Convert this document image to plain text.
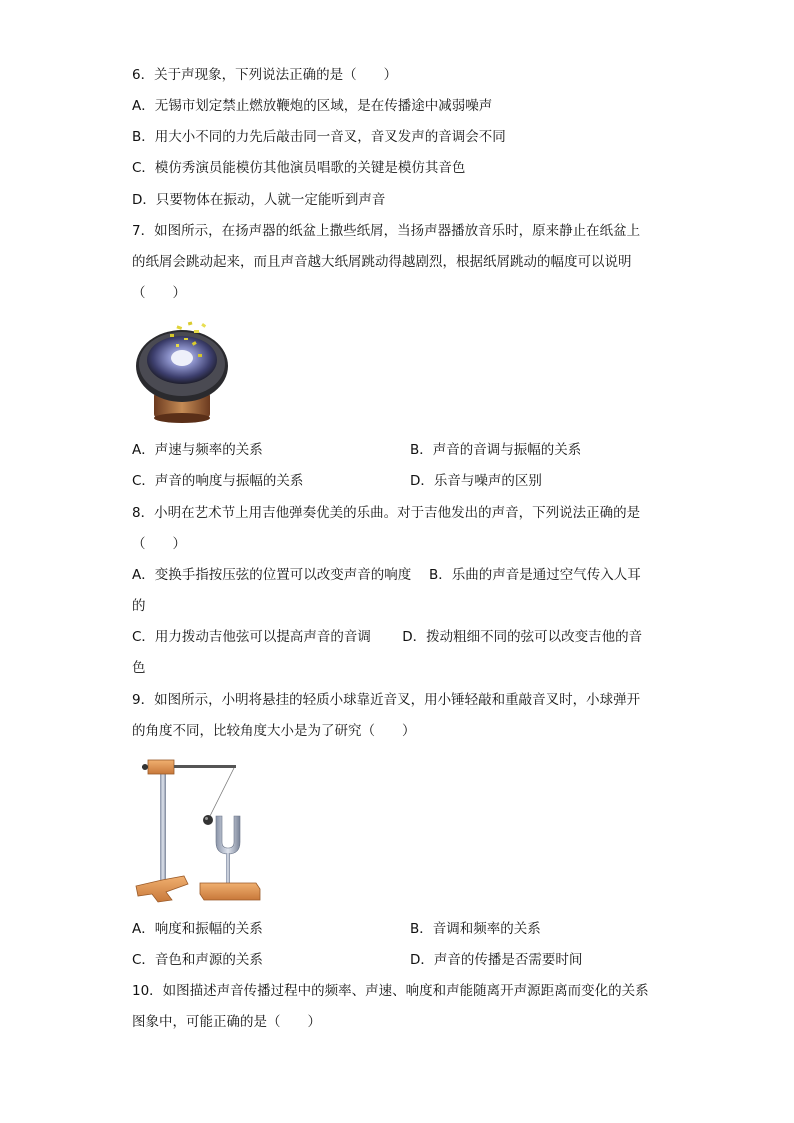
6．关于声现象，下列说法正确的是（　　）
A．无锡市划定禁止燃放鞭炮的区域，是在传播途中减弱噪声
B．用大小不同的力先后敲击同一音叉，音叉发声的音调会不同
C．模仿秀演员能模仿其他演员唱歌的关键是模仿其音色
D．只要物体在振动，人就一定能听到声音
7．如图所示，在扬声器的纸盆上撒些纸屑，当扬声器播放音乐时，原来静止在纸盆上
的纸屑会跳动起来，而且声音越大纸屑跳动得越剧烈，根据纸屑跳动的幅度可以说明
（　　）
A．声速与频率的关系	B．声音的音调与振幅的关系
C．声音的响度与振幅的关系	D．乐音与噪声的区别
8．小明在艺术节上用吉他弹奏优美的乐曲。对于吉他发出的声音，下列说法正确的是
（　　）
A．变换手指按压弦的位置可以改变声音的响度　 B．乐曲的声音是通过空气传入人耳
的
C．用力拨动吉他弦可以提高声音的音调　　 D．拨动粗细不同的弦可以改变吉他的音
色
9．如图所示，小明将悬挂的轻质小球靠近音叉，用小锤轻敲和重敲音叉时，小球弹开
的角度不同，比较角度大小是为了研究（　　）
A．响度和振幅的关系	B．音调和频率的关系
C．音色和声源的关系	D．声音的传播是否需要时间
10．如图描述声音传播过程中的频率、声速、响度和声能随离开声源距离而变化的关系
图象中，可能正确的是（　　）
